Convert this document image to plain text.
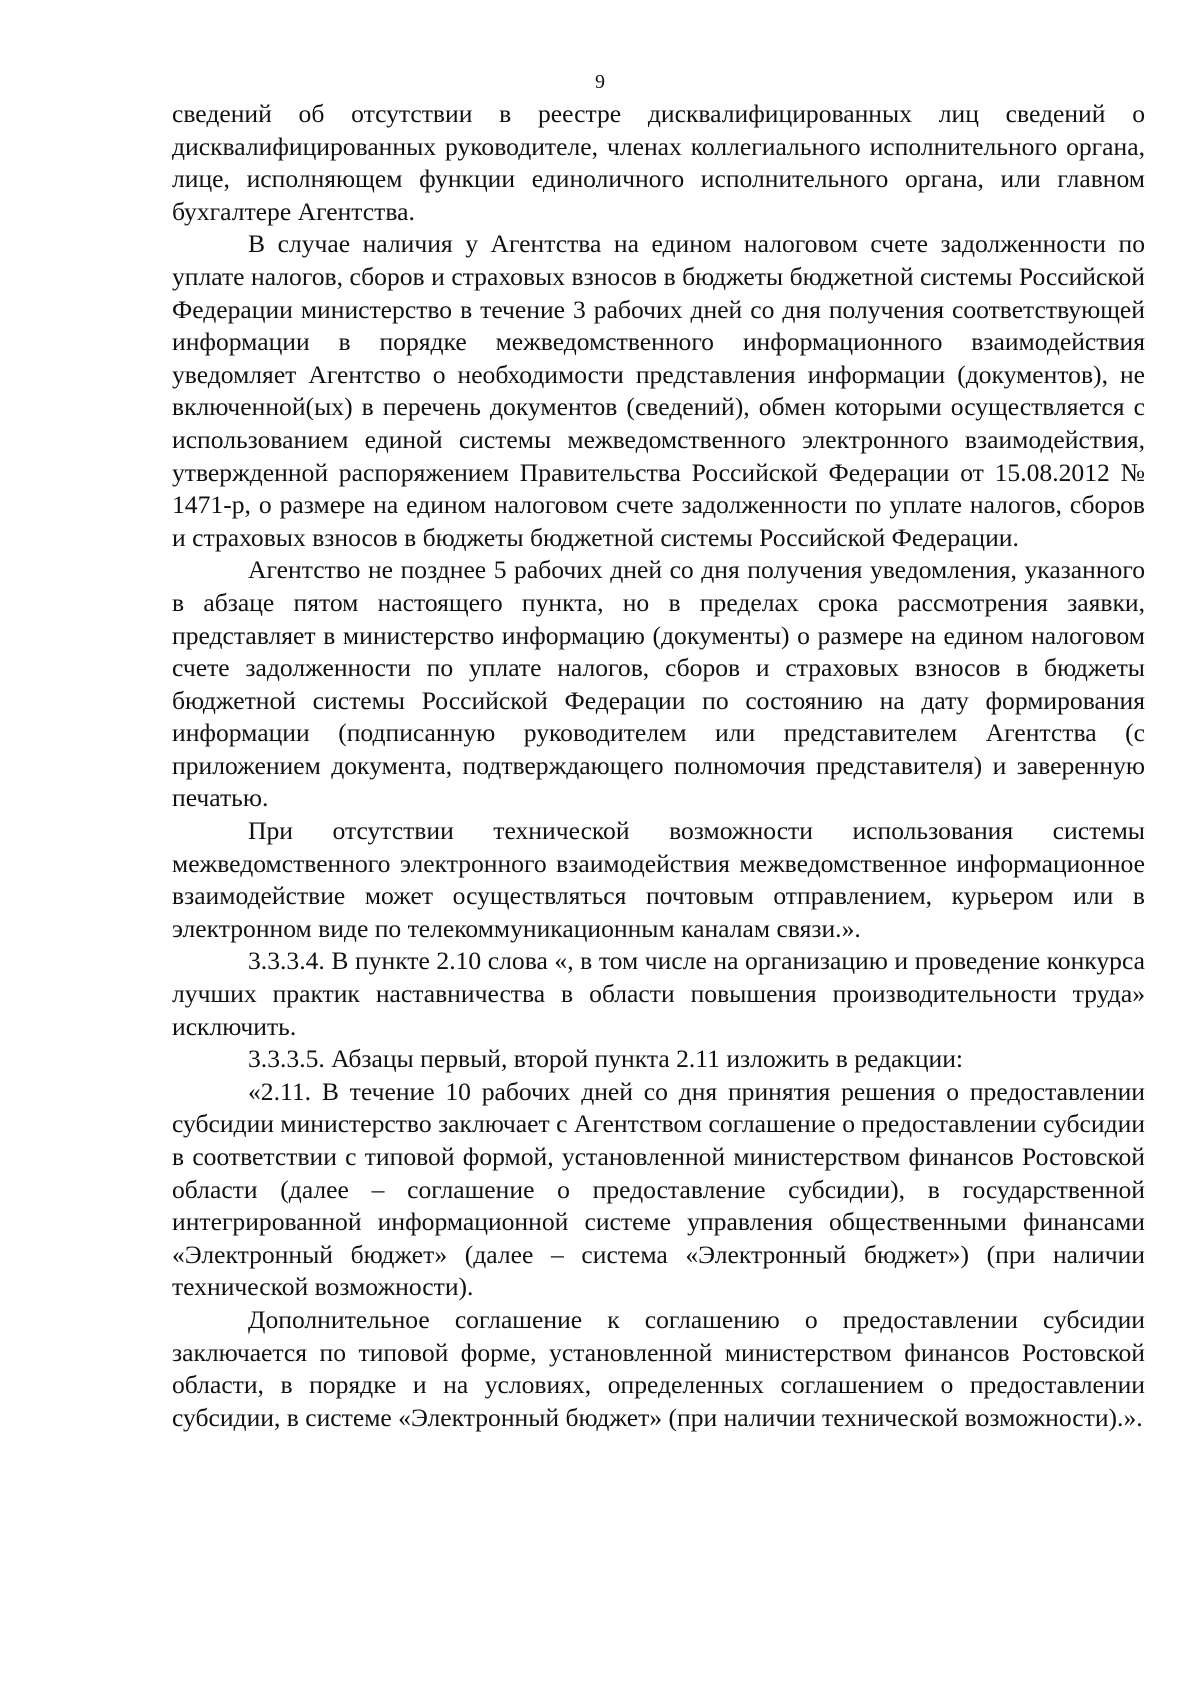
9

сведений об отсутствии в реестре дисквалифицированных лиц сведений о дисквалифицированных руководителе, членах коллегиального исполнительного органа, лице, исполняющем функции единоличного исполнительного органа, или главном бухгалтере Агентства.

В случае наличия у Агентства на едином налоговом счете задолженности по уплате налогов, сборов и страховых взносов в бюджеты бюджетной системы Российской Федерации министерство в течение 3 рабочих дней со дня получения соответствующей информации в порядке межведомственного информационного взаимодействия уведомляет Агентство о необходимости представления информации (документов), не включенной(ых) в перечень документов (сведений), обмен которыми осуществляется с использованием единой системы межведомственного электронного взаимодействия, утвержденной распоряжением Правительства Российской Федерации от 15.08.2012 № 1471-р, о размере на едином налоговом счете задолженности по уплате налогов, сборов и страховых взносов в бюджеты бюджетной системы Российской Федерации.

Агентство не позднее 5 рабочих дней со дня получения уведомления, указанного в абзаце пятом настоящего пункта, но в пределах срока рассмотрения заявки, представляет в министерство информацию (документы) о размере на едином налоговом счете задолженности по уплате налогов, сборов и страховых взносов в бюджеты бюджетной системы Российской Федерации по состоянию на дату формирования информации (подписанную руководителем или представителем Агентства (с приложением документа, подтверждающего полномочия представителя) и заверенную печатью.

При отсутствии технической возможности использования системы межведомственного электронного взаимодействия межведомственное информационное взаимодействие может осуществляться почтовым отправлением, курьером или в электронном виде по телекоммуникационным каналам связи.».

3.3.3.4. В пункте 2.10 слова «, в том числе на организацию и проведение конкурса лучших практик наставничества в области повышения производительности труда» исключить.

3.3.3.5. Абзацы первый, второй пункта 2.11 изложить в редакции:

«2.11. В течение 10 рабочих дней со дня принятия решения о предоставлении субсидии министерство заключает с Агентством соглашение о предоставлении субсидии в соответствии с типовой формой, установленной министерством финансов Ростовской области (далее – соглашение о предоставление субсидии), в государственной интегрированной информационной системе управления общественными финансами «Электронный бюджет» (далее – система «Электронный бюджет») (при наличии технической возможности).

Дополнительное соглашение к соглашению о предоставлении субсидии заключается по типовой форме, установленной министерством финансов Ростовской области, в порядке и на условиях, определенных соглашением о предоставлении субсидии, в системе «Электронный бюджет» (при наличии технической возможности).».
